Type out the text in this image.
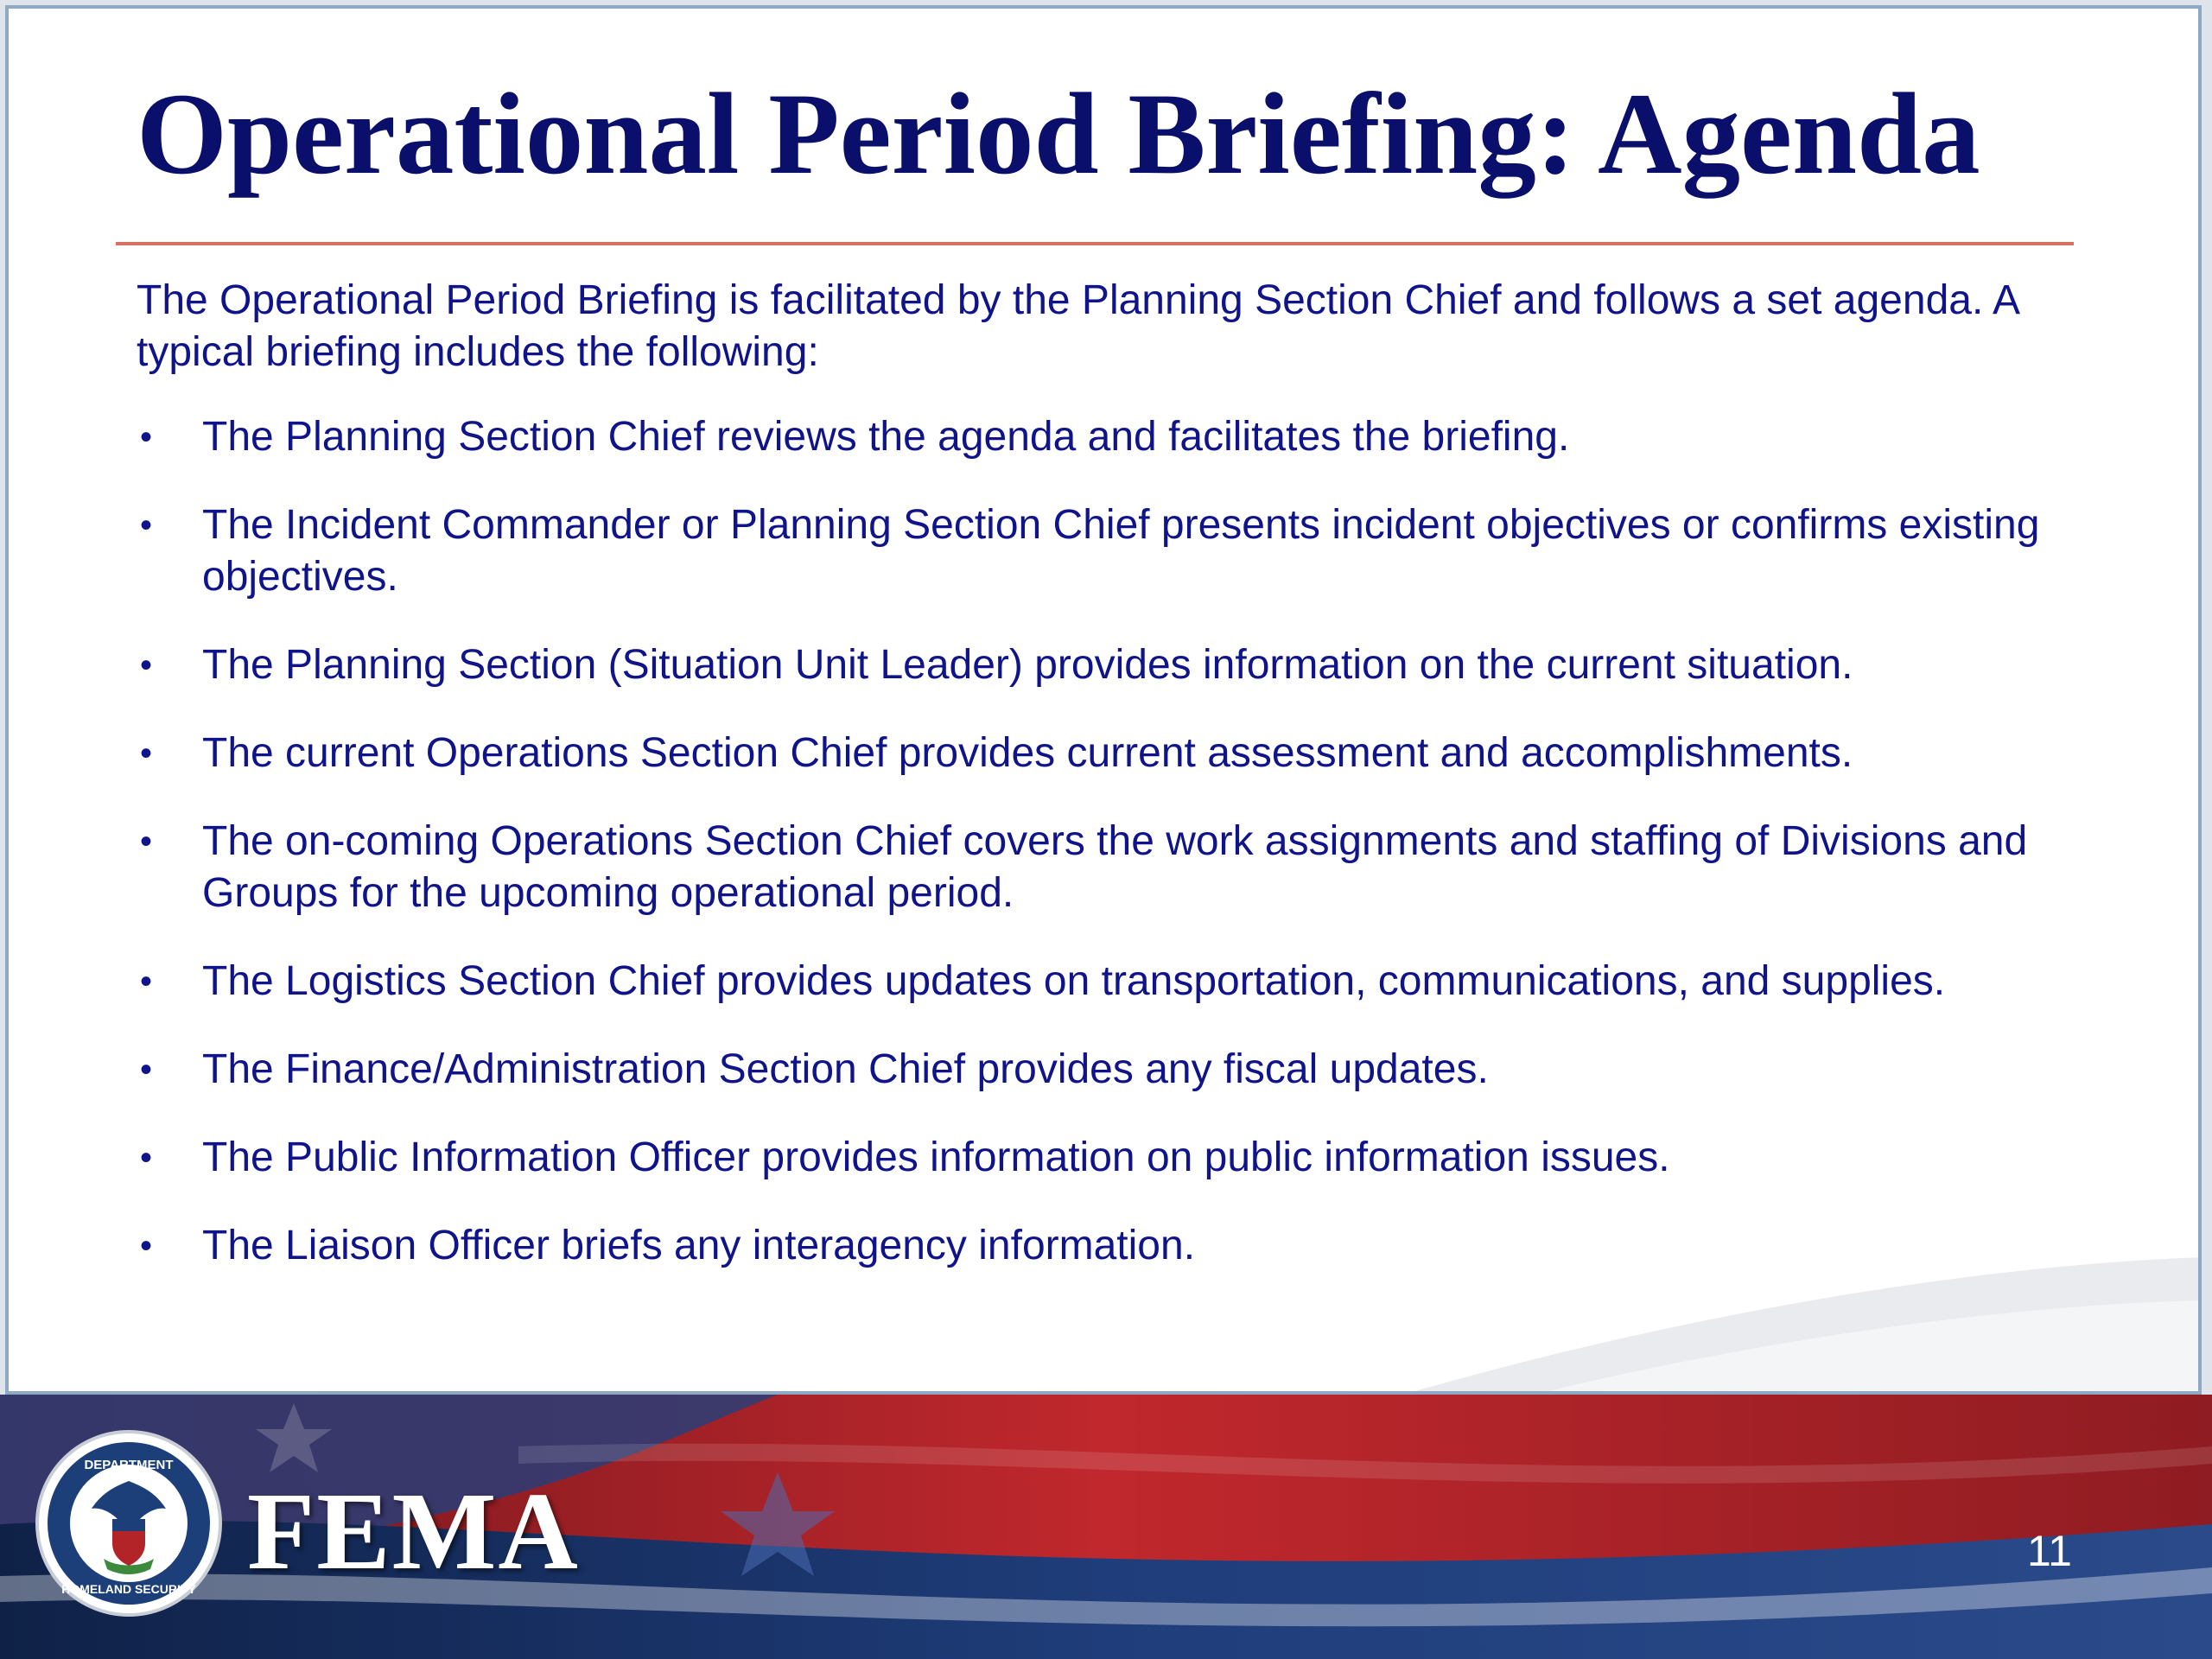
Operational Period Briefing: Agenda

The Operational Period Briefing is facilitated by the Planning Section Chief and follows a set agenda. A typical briefing includes the following:

• The Planning Section Chief reviews the agenda and facilitates the briefing.
• The Incident Commander or Planning Section Chief presents incident objectives or confirms existing objectives.
• The Planning Section (Situation Unit Leader) provides information on the current situation.
• The current Operations Section Chief provides current assessment and accomplishments.
• The on-coming Operations Section Chief covers the work assignments and staffing of Divisions and Groups for the upcoming operational period.
• The Logistics Section Chief provides updates on transportation, communications, and supplies.
• The Finance/Administration Section Chief provides any fiscal updates.
• The Public Information Officer provides information on public information issues.
• The Liaison Officer briefs any interagency information.
DEPARTMENT
HOMELAND SECURITY FEMA	11
